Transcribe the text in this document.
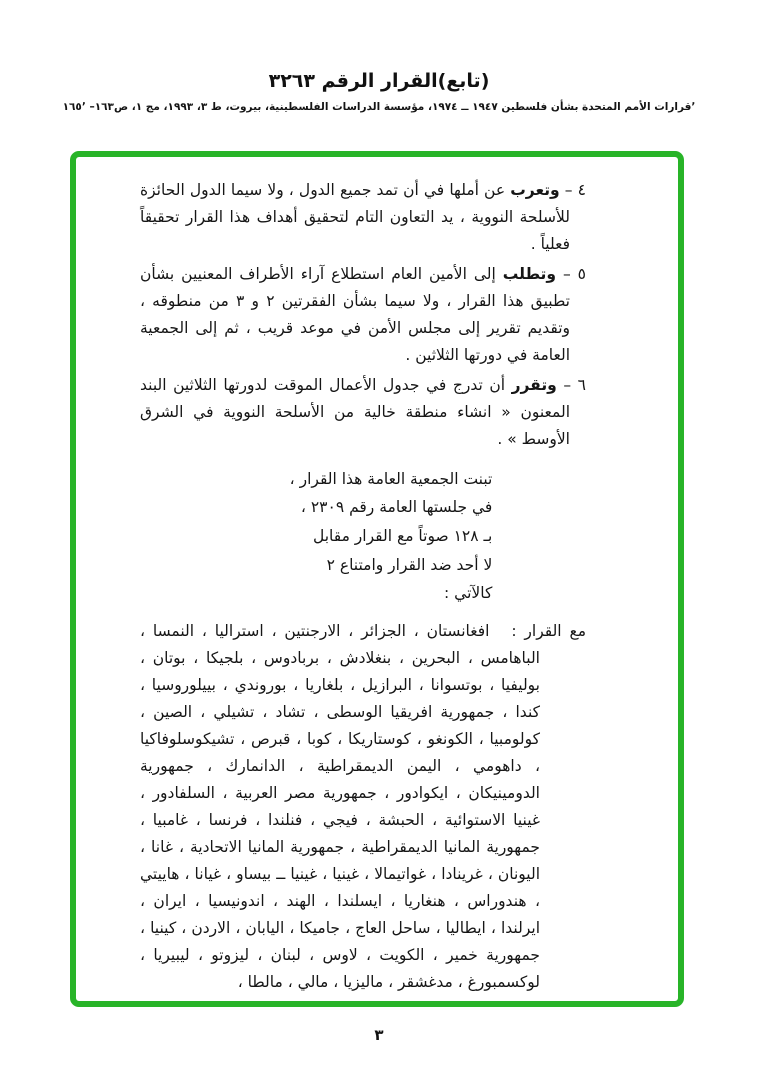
(تابع)القرار الرقم ٣٢٦٣
ʼقرارات الأمم المتحدة بشأن فلسطين ١٩٤٧ ــ ١٩٧٤، مؤسسة الدراسات الفلسطينية، بيروت، ط ٣، ١٩٩٣، مج ١، ص١٦٣– ١٦٥ʼ

٤ – وتعرب عن أملها في أن تمد جميع الدول ، ولا سيما الدول الحائزة للأسلحة النووية ، يد التعاون التام لتحقيق أهداف هذا القرار تحقيقاً فعلياً .

٥ – وتطلب إلى الأمين العام استطلاع آراء الأطراف المعنيين بشأن تطبيق هذا القرار ، ولا سيما بشأن الفقرتين ٢ و ٣ من منطوقه ، وتقديم تقرير إلى مجلس الأمن في موعد قريب ، ثم إلى الجمعية العامة في دورتها الثلاثين .

٦ – وتقرر أن تدرج في جدول الأعمال الموقت لدورتها الثلاثين البند المعنون « انشاء منطقة خالية من الأسلحة النووية في الشرق الأوسط » .

تبنت الجمعية العامة هذا القرار ،
في جلستها العامة رقم ٢٣٠٩ ،
بـ ١٢٨ صوتاً مع القرار مقابل
لا أحد ضد القرار وامتناع ٢
كالآتي :
مع القرار : افغانستان ، الجزائر ، الارجنتين ، استراليا ، النمسا ، الباهامس ، البحرين ، بنغلادش ، بربادوس ، بلجيكا ، بوتان ، بوليفيا ، بوتسوانا ، البرازيل ، بلغاريا ، بوروندي ، بييلوروسيا ، كندا ، جمهورية افريقيا الوسطى ، تشاد ، تشيلي ، الصين ، كولومبيا ، الكونغو ، كوستاريكا ، كوبا ، قبرص ، تشيكوسلوفاكيا ، داهومي ، اليمن الديمقراطية ، الدانمارك ، جمهورية الدومينيكان ، ايكوادور ، جمهورية مصر العربية ، السلفادور ، غينيا الاستوائية ، الحبشة ، فيجي ، فنلندا ، فرنسا ، غامبيا ، جمهورية المانيا الديمقراطية ، جمهورية المانيا الاتحادية ، غانا ، اليونان ، غرينادا ، غواتيمالا ، غينيا ، غينيا ــ بيساو ، غيانا ، هاييتي ، هندوراس ، هنغاريا ، ايسلندا ، الهند ، اندونيسيا ، ايران ، ايرلندا ، ايطاليا ، ساحل العاج ، جاميكا ، اليابان ، الاردن ، كينيا ، جمهورية خمير ، الكويت ، لاوس ، لبنان ، ليزوتو ، ليبيريا ، لوكسمبورغ ، مدغشقر ، ماليزيا ، مالي ، مالطا ،
٣
